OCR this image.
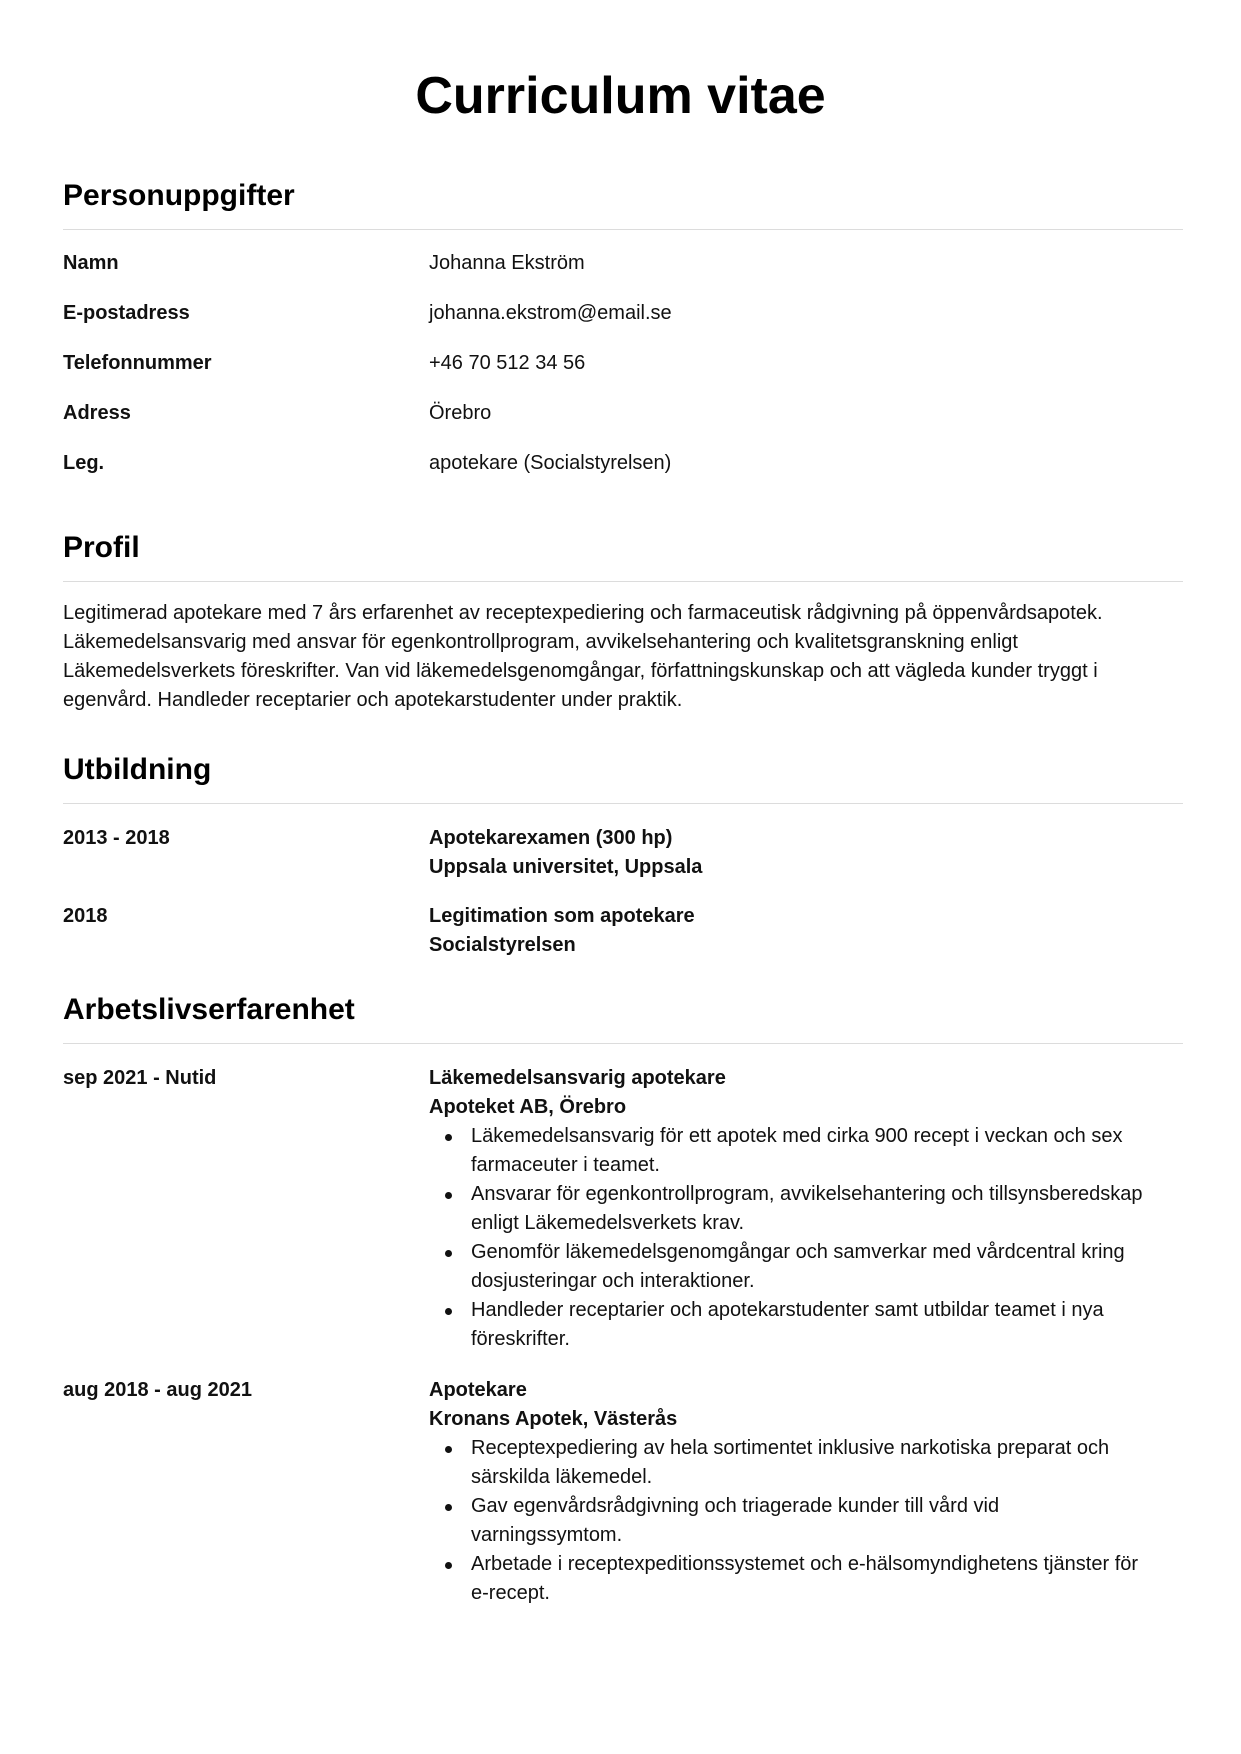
Curriculum vitae
Personuppgifter
Namn	Johanna Ekström
E-postadress	johanna.ekstrom@email.se
Telefonnummer	+46 70 512 34 56
Adress	Örebro
Leg.	apotekare (Socialstyrelsen)
Profil

Legitimerad apotekare med 7 års erfarenhet av receptexpediering och farmaceutisk rådgivning på öppenvårdsapotek.
Läkemedelsansvarig med ansvar för egenkontrollprogram, avvikelsehantering och kvalitetsgranskning enligt
Läkemedelsverkets föreskrifter. Van vid läkemedelsgenomgångar, författningskunskap och att vägleda kunder tryggt i
egenvård. Handleder receptarier och apotekarstudenter under praktik.

Utbildning
2013 - 2018	Apotekarexamen (300 hp)
Uppsala universitet, Uppsala
2018	Legitimation som apotekare
Socialstyrelsen
Arbetslivserfarenhet
sep 2021 - Nutid	Läkemedelsansvarig apotekare
Apoteket AB, Örebro
Läkemedelsansvarig för ett apotek med cirka 900 recept i veckan och sex
farmaceuter i teamet.
Ansvarar för egenkontrollprogram, avvikelsehantering och tillsynsberedskap
enligt Läkemedelsverkets krav.
Genomför läkemedelsgenomgångar och samverkar med vårdcentral kring
dosjusteringar och interaktioner.
Handleder receptarier och apotekarstudenter samt utbildar teamet i nya
föreskrifter.
aug 2018 - aug 2021	Apotekare
Kronans Apotek, Västerås
Receptexpediering av hela sortimentet inklusive narkotiska preparat och
särskilda läkemedel.
Gav egenvårdsrådgivning och triagerade kunder till vård vid
varningssymtom.
Arbetade i receptexpeditionssystemet och e-hälsomyndighetens tjänster för
e-recept.
